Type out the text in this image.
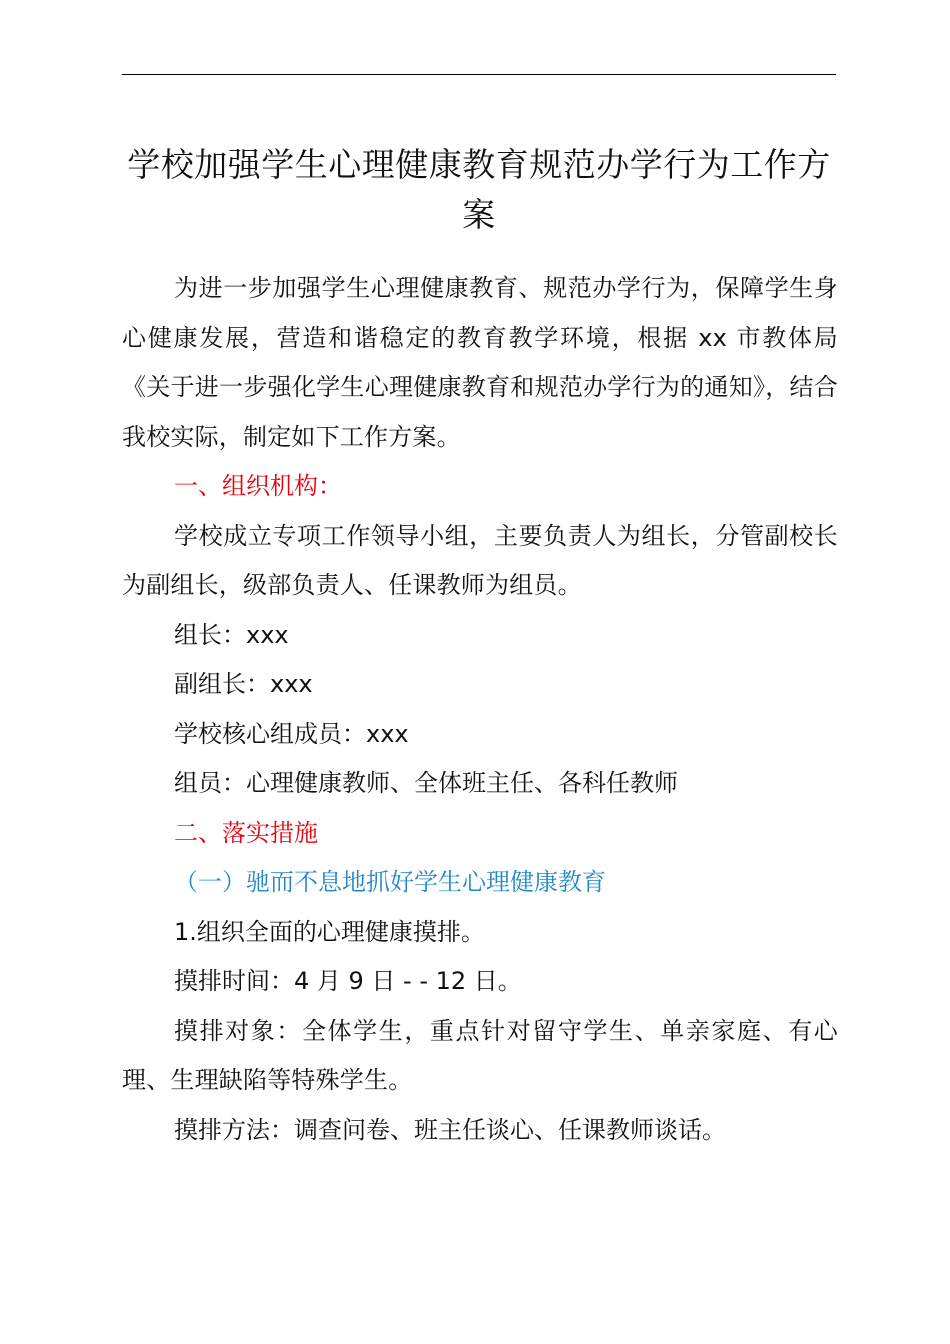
学校加强学生心理健康教育规范办学行为工作方案

为进一步加强学生心理健康教育、规范办学行为，保障学生身心健康发展，营造和谐稳定的教育教学环境，根据 xx 市教体局《关于进一步强化学生心理健康教育和规范办学行为的通知》，结合我校实际，制定如下工作方案。

一、组织机构：

学校成立专项工作领导小组，主要负责人为组长，分管副校长为副组长，级部负责人、任课教师为组员。

组长：xxx

副组长：xxx

学校核心组成员：xxx

组员：心理健康教师、全体班主任、各科任教师

二、落实措施

（一）驰而不息地抓好学生心理健康教育

1.组织全面的心理健康摸排。

摸排时间：4 月 9 日 - - 12 日。

摸排对象：全体学生，重点针对留守学生、单亲家庭、有心理、生理缺陷等特殊学生。

摸排方法：调查问卷、班主任谈心、任课教师谈话。
